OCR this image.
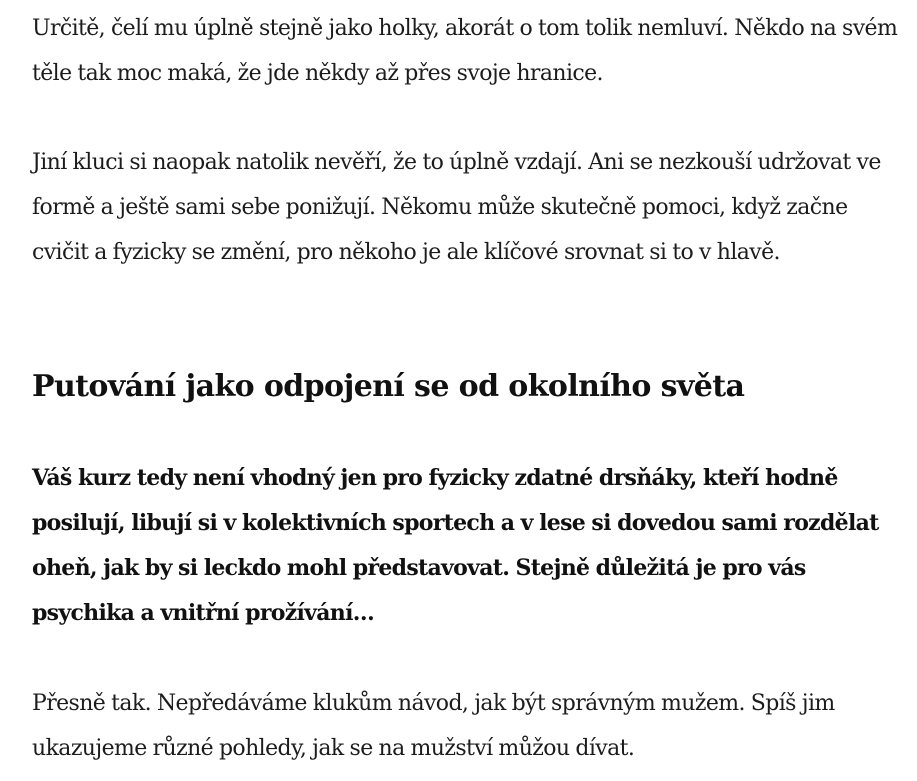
Určitě, čelí mu úplně stejně jako holky, akorát o tom tolik nemluví. Někdo na svém těle tak moc maká, že jde někdy až přes svoje hranice.

Jiní kluci si naopak natolik nevěří, že to úplně vzdají. Ani se nezkouší udržovat ve formě a ještě sami sebe ponižují. Někomu může skutečně pomoci, když začne cvičit a fyzicky se změní, pro někoho je ale klíčové srovnat si to v hlavě.

Putování jako odpojení se od okolního světa

Váš kurz tedy není vhodný jen pro fyzicky zdatné drsňáky, kteří hodně posilují, libují si v kolektivních sportech a v lese si dovedou sami rozdělat oheň, jak by si leckdo mohl představovat. Stejně důležitá je pro vás psychika a vnitřní prožívání…

Přesně tak. Nepředáváme klukům návod, jak být správným mužem. Spíš jim ukazujeme různé pohledy, jak se na mužství můžou dívat.
